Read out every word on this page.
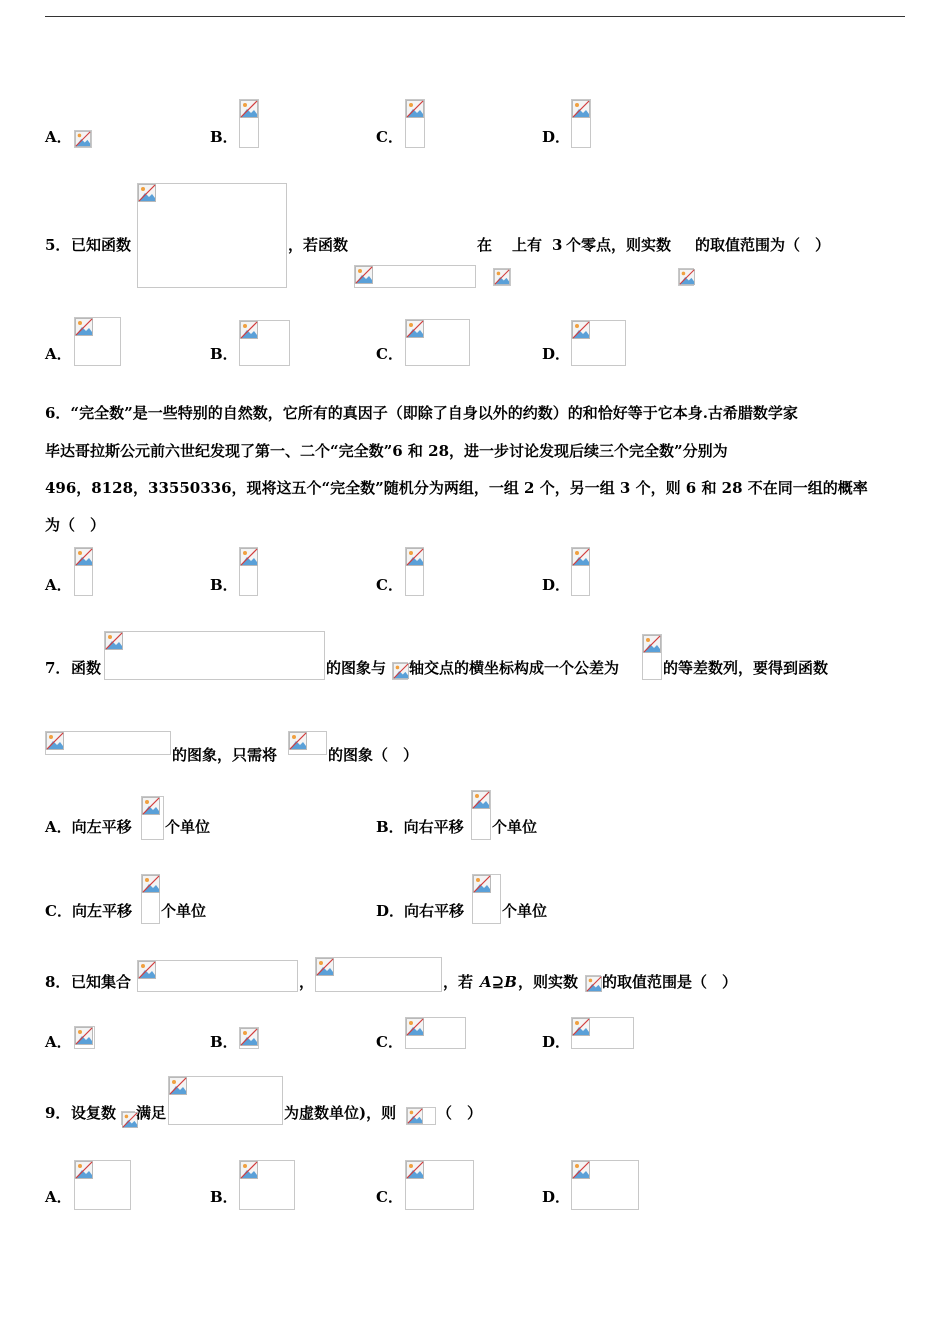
A．	B．	C．	D．
5． 已知函数	，若函数	在 上有 3 个零点，则实数 的取值范围为（　）
A．	B．	C．	D．
6．“完全数”是一些特别的自然数，它所有的真因子（即除了自身以外的约数）的和恰好等于它本身.古希腊数学家
毕达哥拉斯公元前六世纪发现了第一、二个“完全数”6 和 28，进一步讨论发现后续三个完全数”分别为
496，8128，33550336，现将这五个“完全数”随机分为两组，一组 2 个，另一组 3 个，则 6 和 28 不在同一组的概率
为（　）
A．	B．	C．	D．
7． 函数	的图象与 轴交点的横坐标构成一个公差为	的等差数列，要得到函数
的图象，只需将	的图象（　）
A．向左平移 个单位	B．向右平移 个单位
C．向左平移 个单位	D．向右平移	个单位
8． 已知集合	，	，若 A⊇B ，则实数 的取值范围是（　）
A．	B．	C．	D．
9． 设复数 满足	为虚数单位)，则	（　）
A．	B．	C．	D．
